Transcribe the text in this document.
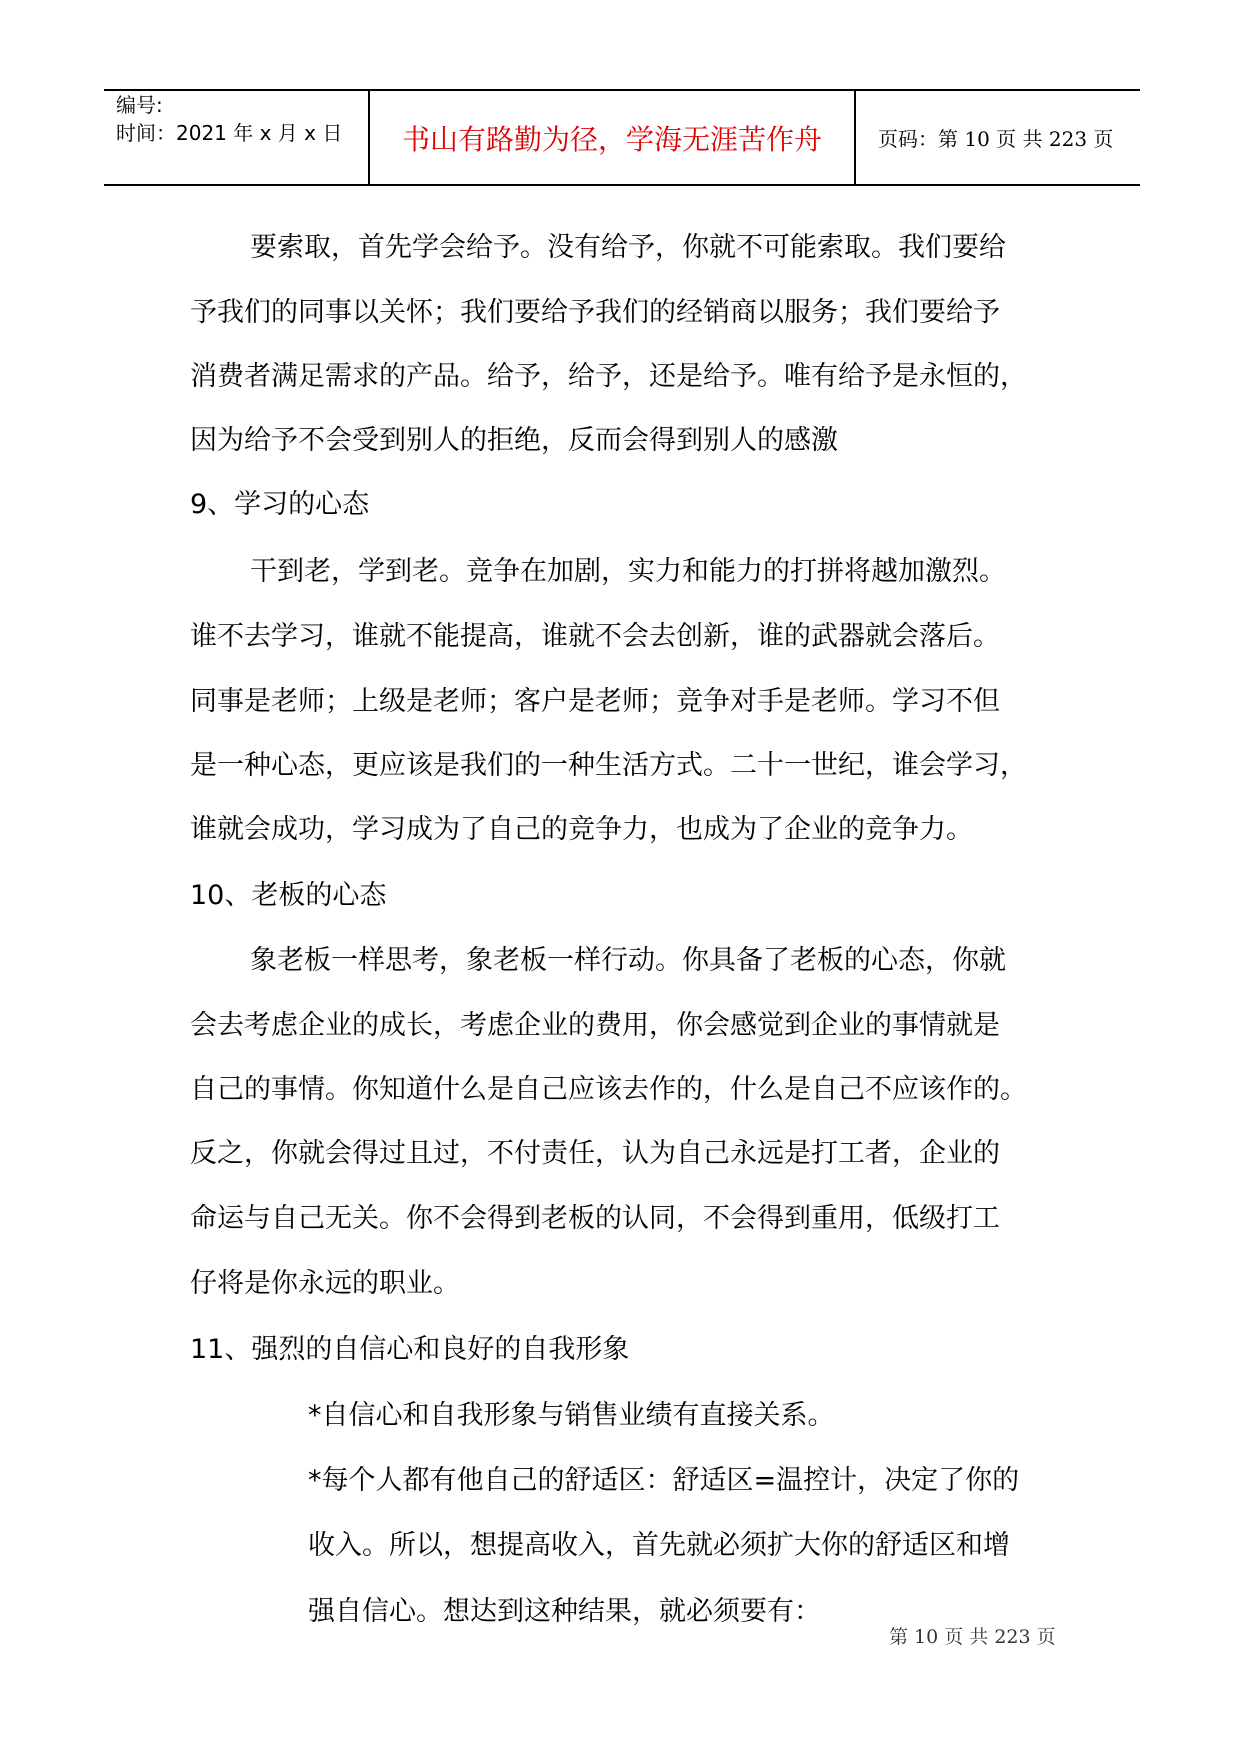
编号:
时间：2021 年 x 月 x 日 书山有路勤为径，学海无涯苦作舟	页码：第 10 页 共 223 页
要索取，首先学会给予。没有给予，你就不可能索取。我们要给
予我们的同事以关怀；我们要给予我们的经销商以服务；我们要给予
消费者满足需求的产品。给予，给予，还是给予。唯有给予是永恒的，
因为给予不会受到别人的拒绝，反而会得到别人的感激
9、学习的心态
干到老，学到老。竞争在加剧，实力和能力的打拼将越加激烈。
谁不去学习，谁就不能提高，谁就不会去创新，谁的武器就会落后。
同事是老师；上级是老师；客户是老师；竞争对手是老师。学习不但
是一种心态，更应该是我们的一种生活方式。二十一世纪，谁会学习，
谁就会成功，学习成为了自己的竞争力，也成为了企业的竞争力。
10、老板的心态
象老板一样思考，象老板一样行动。你具备了老板的心态，你就
会去考虑企业的成长，考虑企业的费用，你会感觉到企业的事情就是
自己的事情。你知道什么是自己应该去作的，什么是自己不应该作的。
反之，你就会得过且过，不付责任，认为自己永远是打工者，企业的
命运与自己无关。你不会得到老板的认同，不会得到重用，低级打工
仔将是你永远的职业。
11、强烈的自信心和良好的自我形象
*自信心和自我形象与销售业绩有直接关系。
*每个人都有他自己的舒适区：舒适区=温控计，决定了你的
收入。所以，想提高收入，首先就必须扩大你的舒适区和增
强自信心。想达到这种结果，就必须要有：
第 10 页 共 223 页
